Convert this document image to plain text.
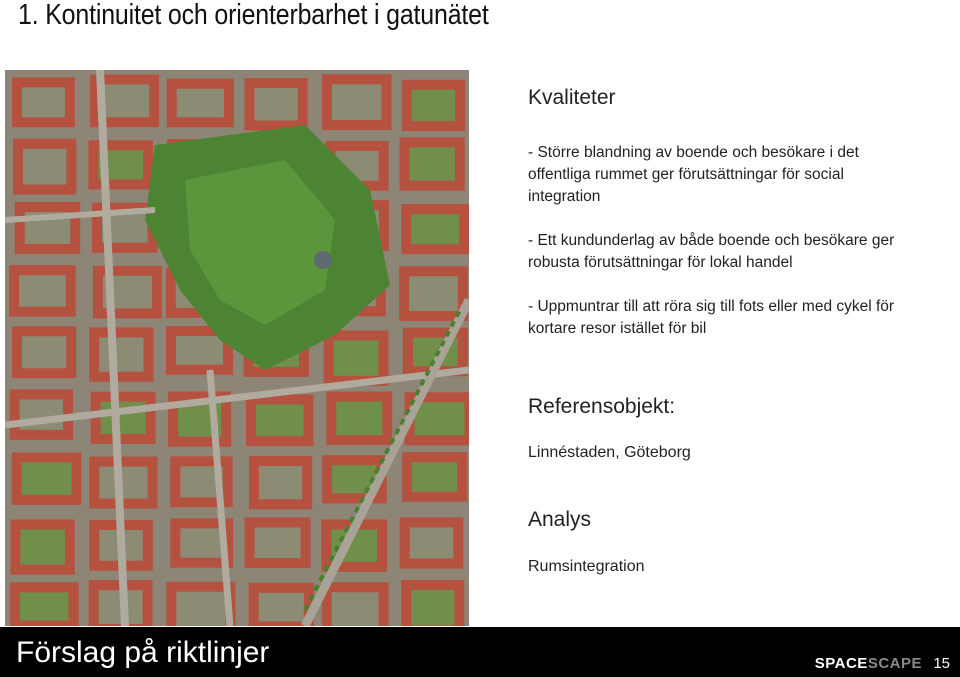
1. Kontinuitet och orienterbarhet i gatunätet
Kvaliteter
- Större blandning av boende och besökare i det offentliga rummet ger förutsättningar för social integration
- Ett kundunderlag av både boende och besökare ger robusta förutsättningar för lokal handel
- Uppmuntrar till att röra sig till fots eller med cykel för kortare resor istället för bil
Referensobjekt:
Linnéstaden, Göteborg
Analys
Rumsintegration
Förslag på riktlinjer	SPACESCAPE 15
